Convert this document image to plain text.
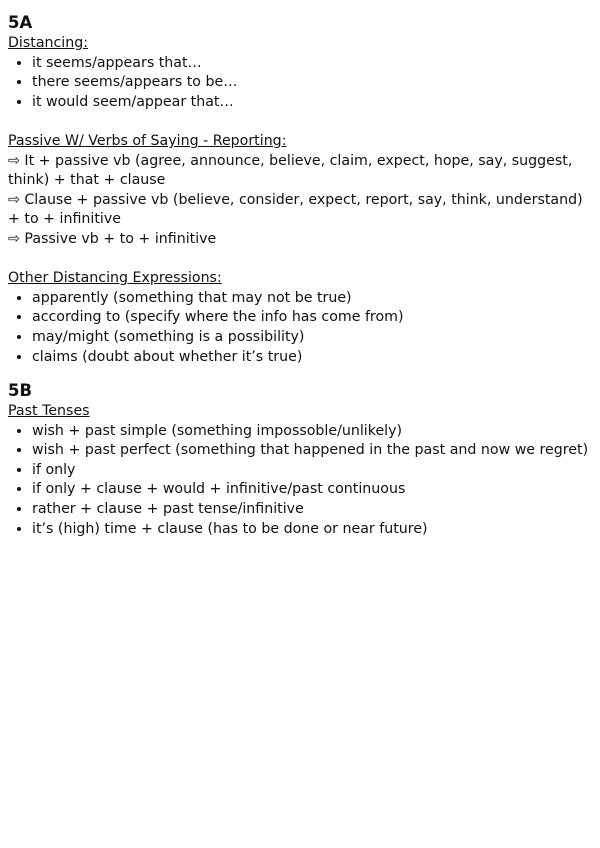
5A
Distancing:
• it seems/appears that…
• there seems/appears to be…
• it would seem/appear that…
Passive W/ Verbs of Saying - Reporting:
⇨ It + passive vb (agree, announce, believe, claim, expect, hope, say, suggest, think) + that + clause
⇨ Clause + passive vb (believe, consider, expect, report, say, think, understand) + to + infinitive
⇨ Passive vb + to + infinitive
Other Distancing Expressions:
• apparently (something that may not be true)
• according to (specify where the info has come from)
• may/might (something is a possibility)
• claims (doubt about whether it’s true)
5B
Past Tenses
• wish + past simple (something impossoble/unlikely)
• wish + past perfect (something that happened in the past and now we regret)
• if only
• if only + clause + would + infinitive/past continuous
• rather + clause + past tense/infinitive
• it’s (high) time + clause (has to be done or near future)
